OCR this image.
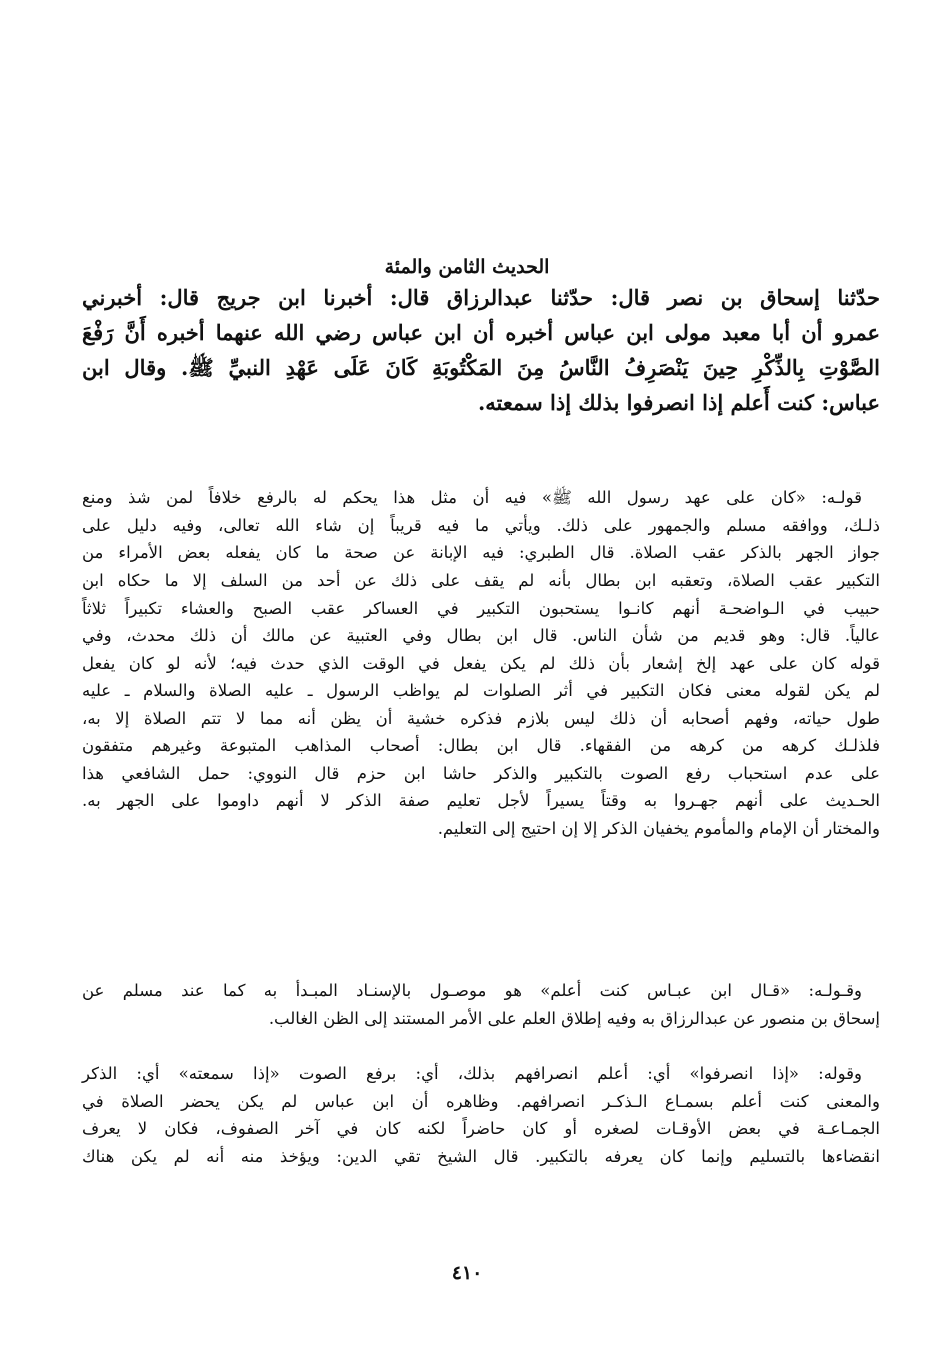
الحديث الثامن والمئة
حدّثنا إسحاق بن نصر قال: حدّثنا عبدالرزاق قال: أخبرنا ابن جريج قال: أخبرني
عمرو أن أبا معبد مولى ابن عباس أخبره أن ابن عباس رضي الله عنهما أخبره أَنَّ رَفْعَ
الصَّوْتِ بِالذِّكْرِ حِينَ يَنْصَرِفُ النَّاسُ مِنَ المَكْتُوبَةِ كَانَ عَلَى عَهْدِ النبيِّ ﷺ. وقال ابن
عباس: كنت أَعلم إذا انصرفوا بذلك إذا سمعته.
قولـه: «كان على عهد رسول الله ﷺ» فيه أن مثل هذا يحكم له بالرفع خلافاً لمن شذ ومنع
ذلـك، ووافقه مسلم والجمهور على ذلك. ويأتي ما فيه قريباً إن شاء الله تعالى، وفيه دليل على
جواز الجهر بالذكر عقب الصلاة. قال الطبري: فيه الإبانة عن صحة ما كان يفعله بعض الأمراء من
التكبير عقب الصلاة، وتعقبه ابن بطال بأنه لم يقف على ذلك عن أحد من السلف إلا ما حكاه ابن
حبيب في الـواضحـة أنهم كانـوا يستحبون التكبير في العساكر عقب الصبح والعشاء تكبيراً ثلاثاً
عالياً. قال: وهو قديم من شأن الناس. قال ابن بطال وفي العتبية عن مالك أن ذلك محدث، وفي
قوله كان على عهد إلخ إشعار بأن ذلك لم يكن يفعل في الوقت الذي حدث فيه؛ لأنه لو كان يفعل
لم يكن لقوله معنى فكان التكبير في أثر الصلوات لم يواظب الرسول ـ عليه الصلاة والسلام ـ عليه
طول حياته، وفهم أصحابه أن ذلك ليس بلازم فذكره خشية أن يظن أنه مما لا تتم الصلاة إلا به،
فلذلـك كرهه من كرهه من الفقهاء. قال ابن بطال: أصحاب المذاهب المتبوعة وغيرهم متفقون
على عدم استحباب رفع الصوت بالتكبير والذكر حاشا ابن حزم قال النووي: حمل الشافعي هذا
الحـديث على أنهم جهـروا به وقتاً يسيراً لأجل تعليم صفة الذكر لا أنهم داوموا على الجهر به.
والمختار أن الإمام والمأموم يخفيان الذكر إلا إن احتيج إلى التعليم.
وقـولـه: «قـال ابن عبـاس كنت أعلم» هو موصـول بالإسنـاد المبـدأ به كما عند مسلم عن
إسحاق بن منصور عن عبدالرزاق به وفيه إطلاق العلم على الأمر المستند إلى الظن الغالب.
وقوله: «إذا انصرفوا» أي: أعلم انصرافهم بذلك، أي: برفع الصوت «إذا سمعته» أي: الذكر
والمعنى كنت أعلم بسمـاع الـذكـر انصرافهم. وظاهره أن ابن عباس لم يكن يحضر الصلاة في
الجمـاعـة في بعض الأوقـات لصغره أو كان حاضراً لكنه كان في آخر الصفوف، فكان لا يعرف
انقضاءها بالتسليم وإنما كان يعرفه بالتكبير. قال الشيخ تقي الدين: ويؤخذ منه أنه لم يكن هناك
٤١٠
